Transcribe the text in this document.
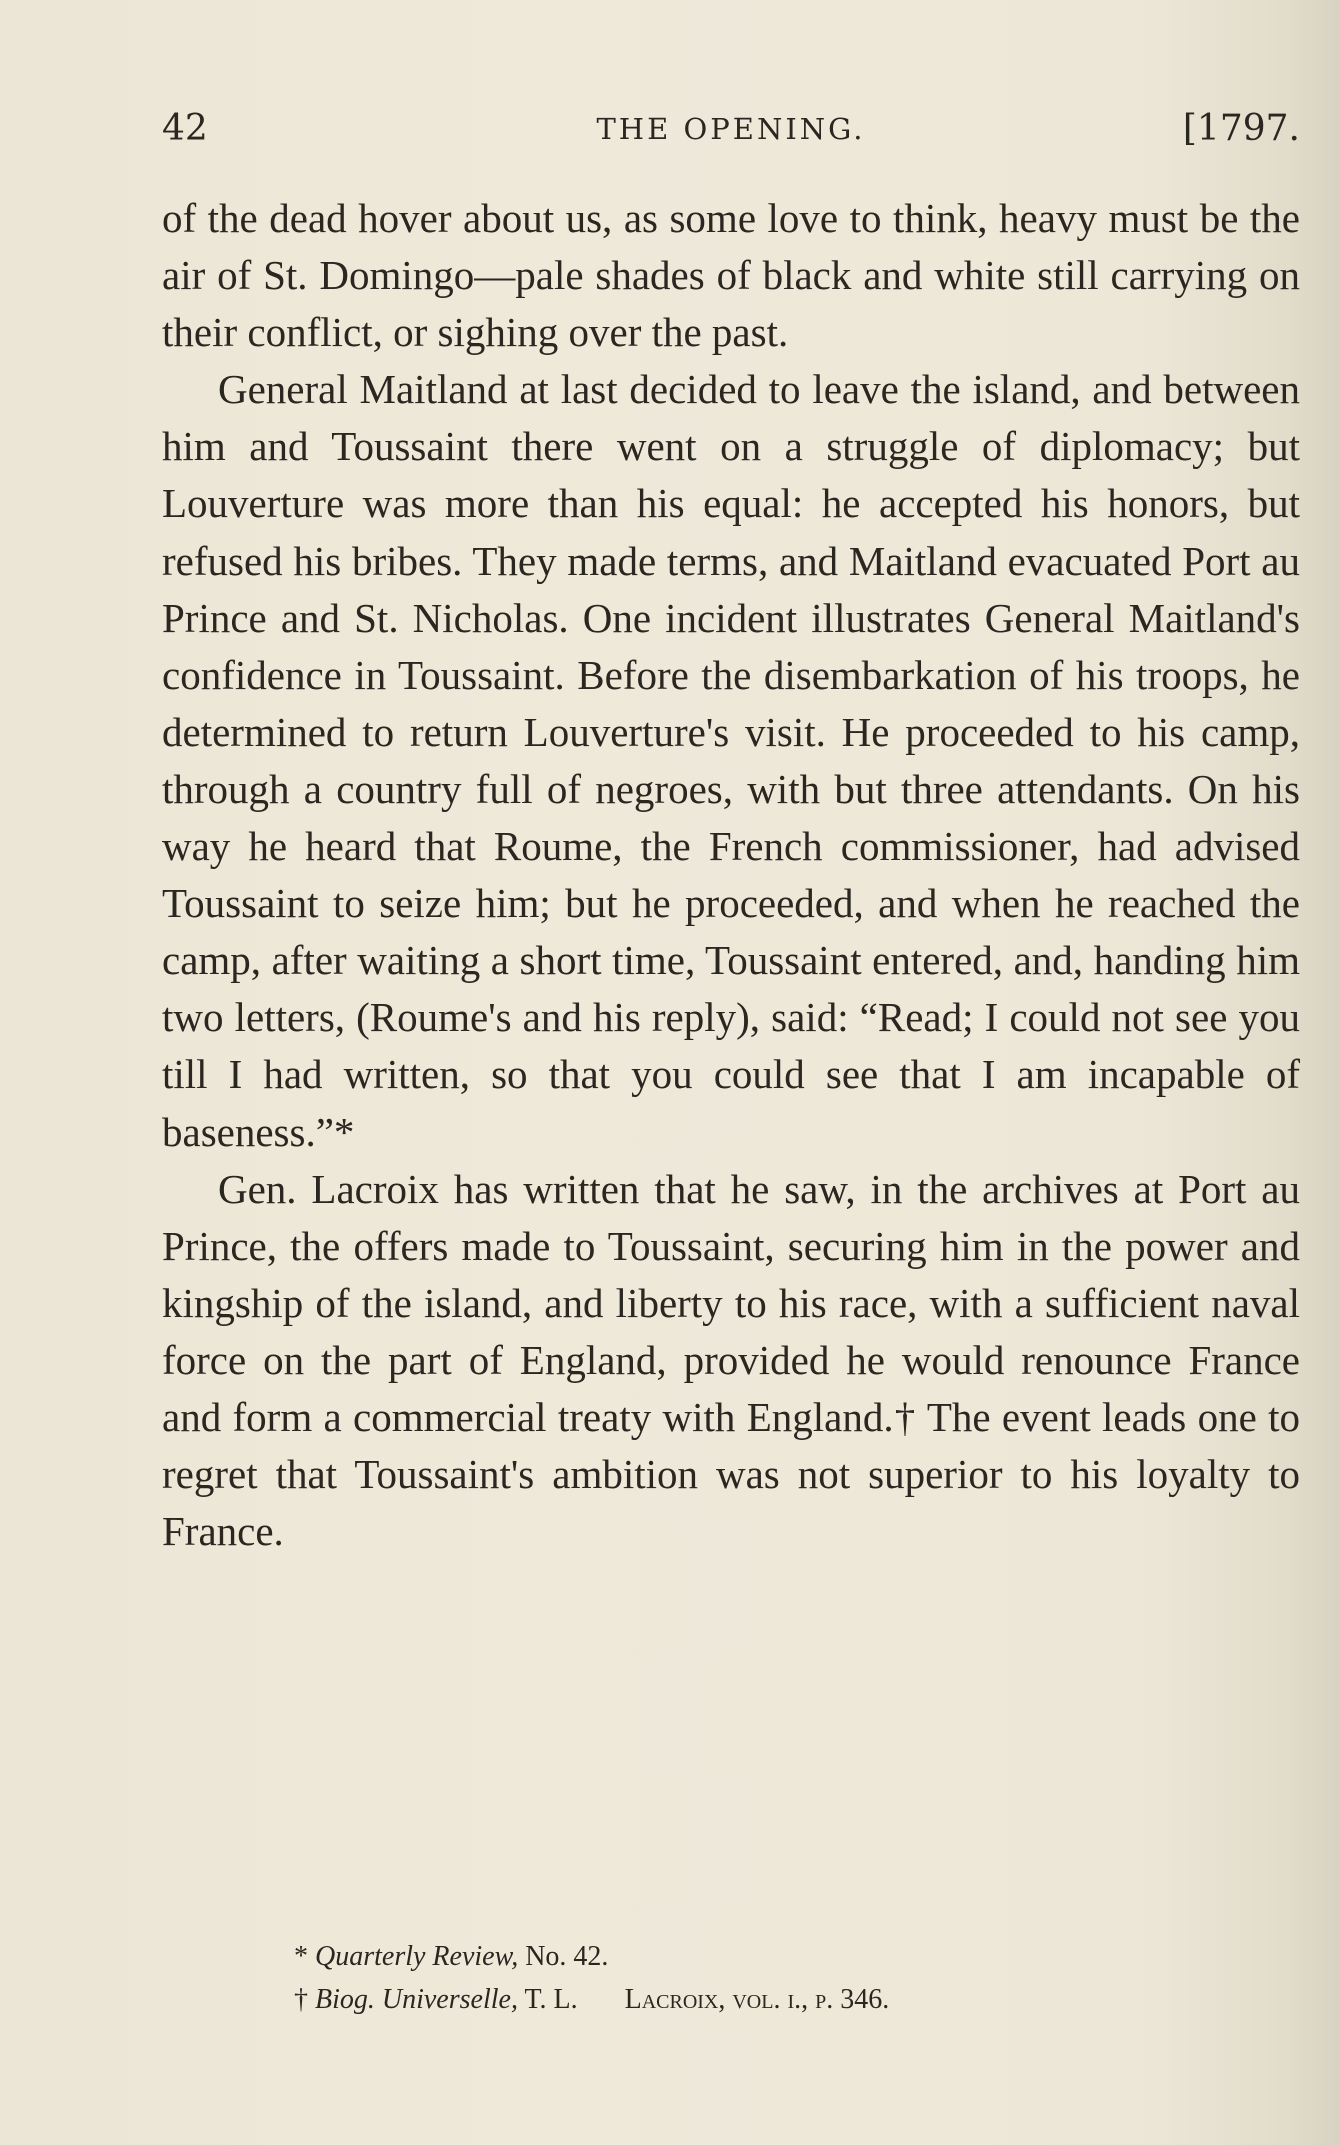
42	THE OPENING.	[1797.

of the dead hover about us, as some love to think, heavy must be the air of St. Domingo—pale shades of black and white still carrying on their conflict, or sighing over the past.

General Maitland at last decided to leave the island, and between him and Toussaint there went on a struggle of diplomacy; but Louverture was more than his equal: he accepted his honors, but refused his bribes. They made terms, and Maitland evacuated Port au Prince and St. Nicholas. One incident illustrates General Maitland's confidence in Toussaint. Before the disembarkation of his troops, he determined to return Louverture's visit. He proceeded to his camp, through a country full of negroes, with but three attendants. On his way he heard that Roume, the French commissioner, had advised Toussaint to seize him; but he proceeded, and when he reached the camp, after waiting a short time, Toussaint entered, and, handing him two letters, (Roume's and his reply), said: “Read; I could not see you till I had written, so that you could see that I am incapable of baseness.”*

Gen. Lacroix has written that he saw, in the archives at Port au Prince, the offers made to Toussaint, securing him in the power and kingship of the island, and liberty to his race, with a sufficient naval force on the part of England, provided he would renounce France and form a commercial treaty with England.† The event leads one to regret that Toussaint's ambition was not superior to his loyalty to France.

* Quarterly Review, No. 42.
† Biog. Universelle, T. L. Lacroix, vol. i., p. 346.
